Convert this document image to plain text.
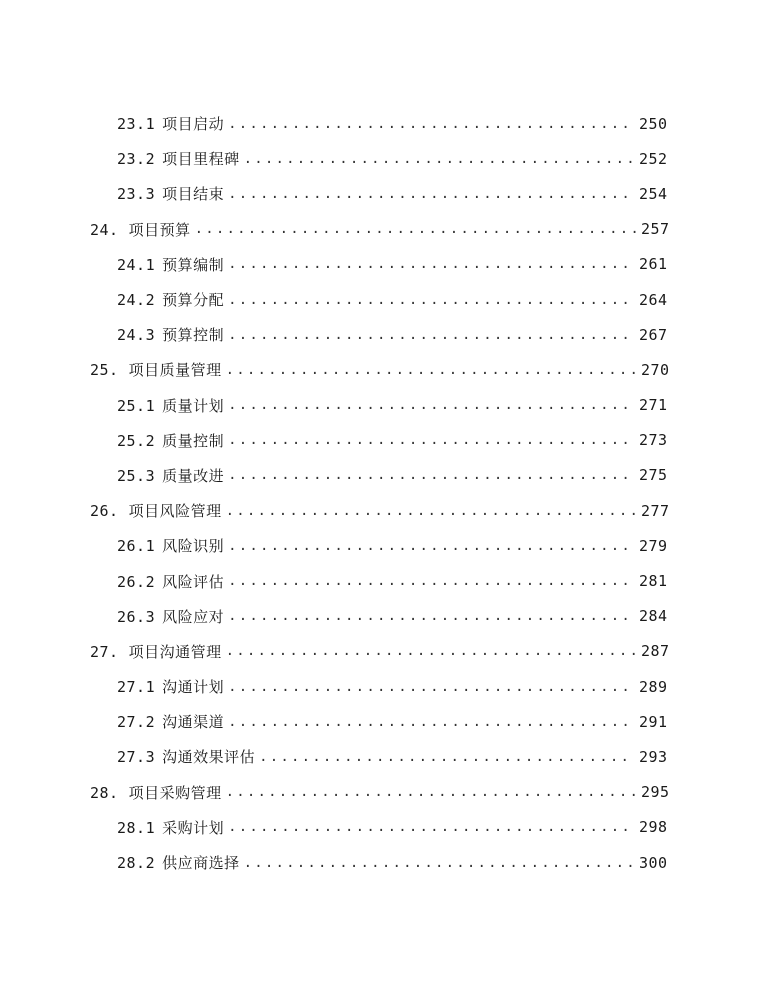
23.1 项目启动 .....	250
23.2 项目里程碑 .....	252
23.3 项目结束 .....	254
24. 项目预算 .....	257
24.1 预算编制 .....	261
24.2 预算分配 .....	264
24.3 预算控制 .....	267
25. 项目质量管理 .....	270
25.1 质量计划 .....	271
25.2 质量控制 .....	273
25.3 质量改进 .....	275
26. 项目风险管理 .....	277
26.1 风险识别 .....	279
26.2 风险评估 .....	281
26.3 风险应对 .....	284
27. 项目沟通管理 .....	287
27.1 沟通计划 .....	289
27.2 沟通渠道 .....	291
27.3 沟通效果评估 .....	293
28. 项目采购管理 .....	295
28.1 采购计划 .....	298
28.2 供应商选择 .....	300
